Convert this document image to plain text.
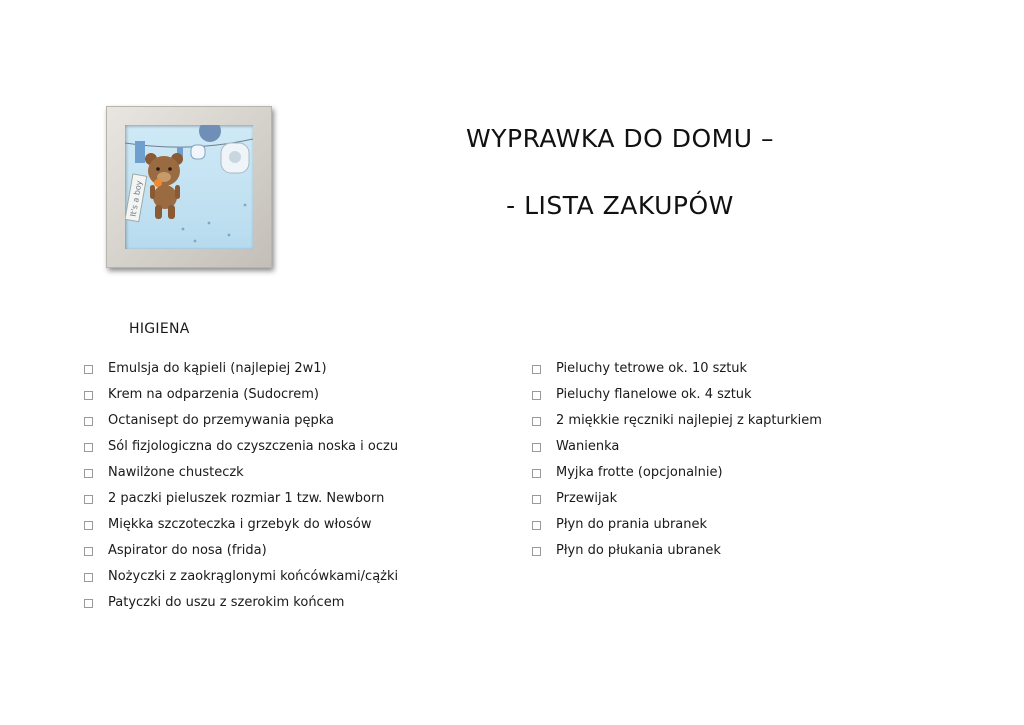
It's a boy
WYPRAWKA DO DOMU –
- LISTA ZAKUPÓW
HIGIENA
Emulsja do kąpieli (najlepiej 2w1)
Krem na odparzenia (Sudocrem)
Octanisept do przemywania pępka
Sól fizjologiczna do czyszczenia noska i oczu
Nawilżone chusteczk
2 paczki pieluszek rozmiar 1 tzw. Newborn
Miękka szczoteczka i grzebyk do włosów
Aspirator do nosa (frida)
Nożyczki z zaokrąglonymi końcówkami/cążki
Patyczki do uszu z szerokim końcem
Pieluchy tetrowe ok. 10 sztuk
Pieluchy flanelowe ok. 4 sztuk
2 miękkie ręczniki najlepiej z kapturkiem
Wanienka
Myjka frotte (opcjonalnie)
Przewijak
Płyn do prania ubranek
Płyn do płukania ubranek
